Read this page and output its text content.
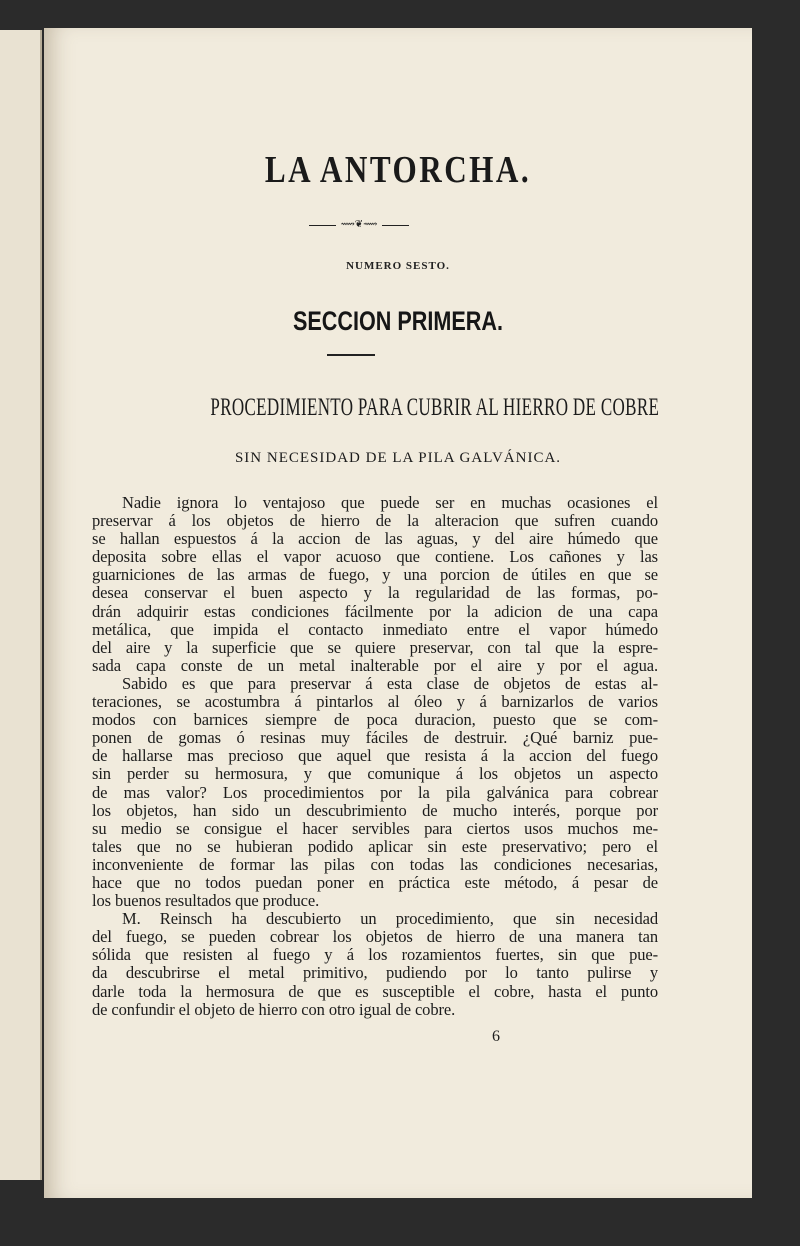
LA ANTORCHA.
⟿❦⟿
NUMERO SESTO.
SECCION PRIMERA.
PROCEDIMIENTO PARA CUBRIR AL HIERRO DE COBRE
SIN NECESIDAD DE LA PILA GALVÁNICA.
Nadie ignora lo ventajoso que puede ser en muchas ocasiones el
preservar á los objetos de hierro de la alteracion que sufren cuando
se hallan espuestos á la accion de las aguas, y del aire húmedo que
deposita sobre ellas el vapor acuoso que contiene. Los cañones y las
guarniciones de las armas de fuego, y una porcion de útiles en que se
desea conservar el buen aspecto y la regularidad de las formas, po-
drán adquirir estas condiciones fácilmente por la adicion de una capa
metálica, que impida el contacto inmediato entre el vapor húmedo
del aire y la superficie que se quiere preservar, con tal que la espre-
sada capa conste de un metal inalterable por el aire y por el agua.
Sabido es que para preservar á esta clase de objetos de estas al-
teraciones, se acostumbra á pintarlos al óleo y á barnizarlos de varios
modos con barnices siempre de poca duracion, puesto que se com-
ponen de gomas ó resinas muy fáciles de destruir. ¿Qué barniz pue-
de hallarse mas precioso que aquel que resista á la accion del fuego
sin perder su hermosura, y que comunique á los objetos un aspecto
de mas valor? Los procedimientos por la pila galvánica para cobrear
los objetos, han sido un descubrimiento de mucho interés, porque por
su medio se consigue el hacer servibles para ciertos usos muchos me-
tales que no se hubieran podido aplicar sin este preservativo; pero el
inconveniente de formar las pilas con todas las condiciones necesarias,
hace que no todos puedan poner en práctica este método, á pesar de
los buenos resultados que produce.
M. Reinsch ha descubierto un procedimiento, que sin necesidad
del fuego, se pueden cobrear los objetos de hierro de una manera tan
sólida que resisten al fuego y á los rozamientos fuertes, sin que pue-
da descubrirse el metal primitivo, pudiendo por lo tanto pulirse y
darle toda la hermosura de que es susceptible el cobre, hasta el punto
de confundir el objeto de hierro con otro igual de cobre.
6
